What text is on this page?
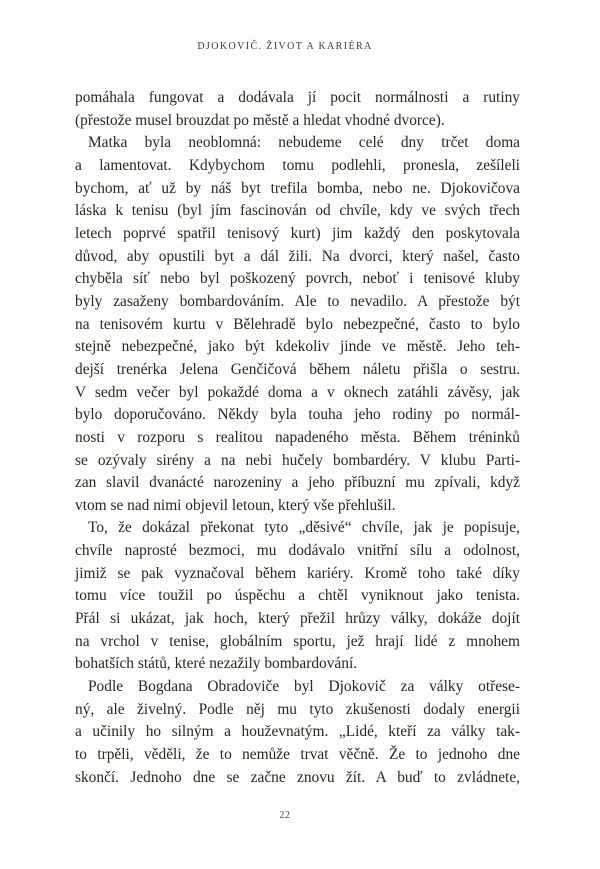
DJOKOVIČ. ŽIVOT A KARIÉRA
pomáhala fungovat a dodávala jí pocit normálnosti a rutiny
(přestože musel brouzdat po městě a hledat vhodné dvorce).
Matka byla neoblomná: nebudeme celé dny trčet doma
a lamentovat. Kdybychom tomu podlehli, pronesla, zešíleli
bychom, ať už by náš byt trefila bomba, nebo ne. Djokovičova
láska k tenisu (byl jím fascinován od chvíle, kdy ve svých třech
letech poprvé spatřil tenisový kurt) jim každý den poskytovala
důvod, aby opustili byt a dál žili. Na dvorci, který našel, často
chyběla síť nebo byl poškozený povrch, neboť i tenisové kluby
byly zasaženy bombardováním. Ale to nevadilo. A přestože být
na tenisovém kurtu v Bělehradě bylo nebezpečné, často to bylo
stejně nebezpečné, jako být kdekoliv jinde ve městě. Jeho teh-
dejší trenérka Jelena Genčičová během náletu přišla o sestru.
V sedm večer byl pokaždé doma a v oknech zatáhli závěsy, jak
bylo doporučováno. Někdy byla touha jeho rodiny po normál-
nosti v rozporu s realitou napadeného města. Během tréninků
se ozývaly sirény a na nebi hučely bombardéry. V klubu Parti-
zan slavil dvanácté narozeniny a jeho příbuzní mu zpívali, když
vtom se nad nimi objevil letoun, který vše přehlušil.
To, že dokázal překonat tyto „děsivé“ chvíle, jak je popisuje,
chvíle naprosté bezmoci, mu dodávalo vnitřní sílu a odolnost,
jimiž se pak vyznačoval během kariéry. Kromě toho také díky
tomu více toužil po úspěchu a chtěl vyniknout jako tenista.
Přál si ukázat, jak hoch, který přežil hrůzy války, dokáže dojít
na vrchol v tenise, globálním sportu, jež hrají lidé z mnohem
bohatších států, které nezažily bombardování.
Podle Bogdana Obradoviče byl Djokovič za války otřese-
ný, ale živelný. Podle něj mu tyto zkušenosti dodaly energii
a učinily ho silným a houževnatým. „Lidé, kteří za války tak-
to trpěli, věděli, že to nemůže trvat věčně. Že to jednoho dne
skončí. Jednoho dne se začne znovu žít. A buď to zvládnete,
22
